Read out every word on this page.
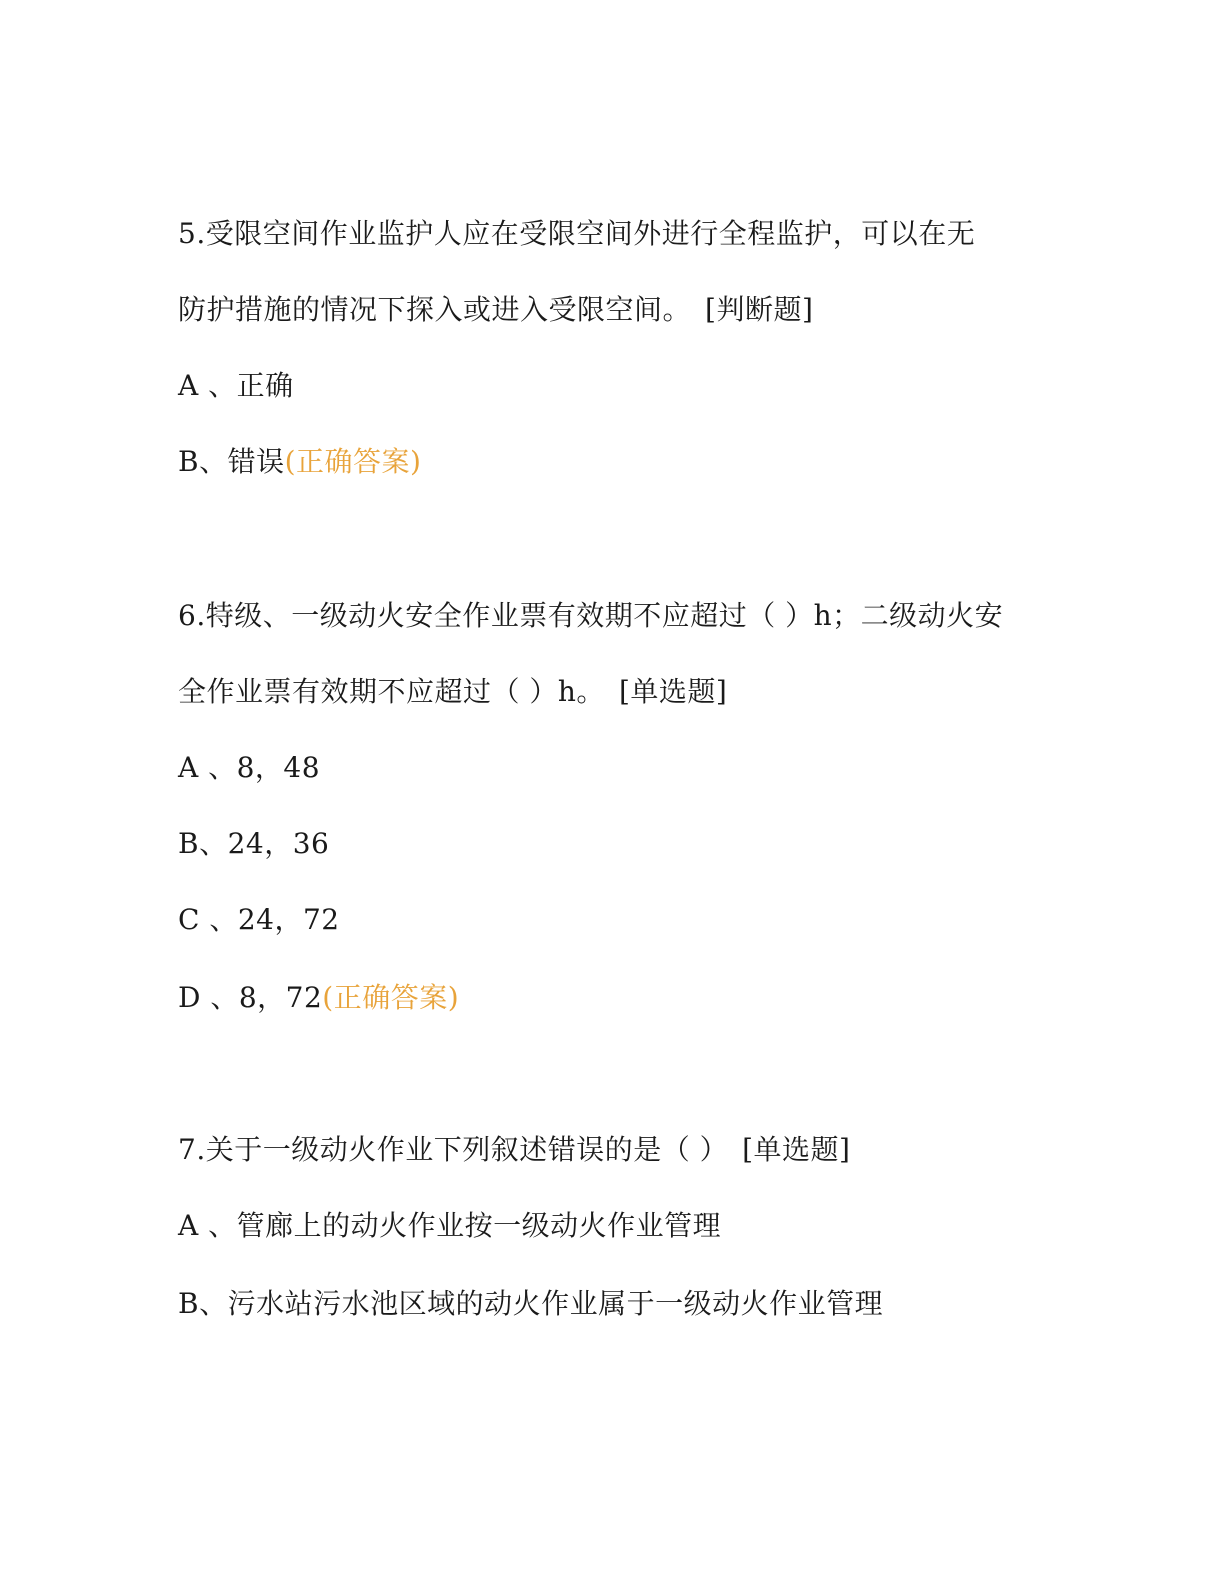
5.受限空间作业监护人应在受限空间外进行全程监护，可以在无
防护措施的情况下探入或进入受限空间。 [判断题]
A 、正确
B、错误(正确答案)
6.特级、一级动火安全作业票有效期不应超过（ ）h；二级动火安
全作业票有效期不应超过（ ）h。 [单选题]
A 、8，48
B、24，36
C 、24，72
D 、8，72(正确答案)
7.关于一级动火作业下列叙述错误的是（ ） [单选题]
A 、管廊上的动火作业按一级动火作业管理
B、污水站污水池区域的动火作业属于一级动火作业管理
